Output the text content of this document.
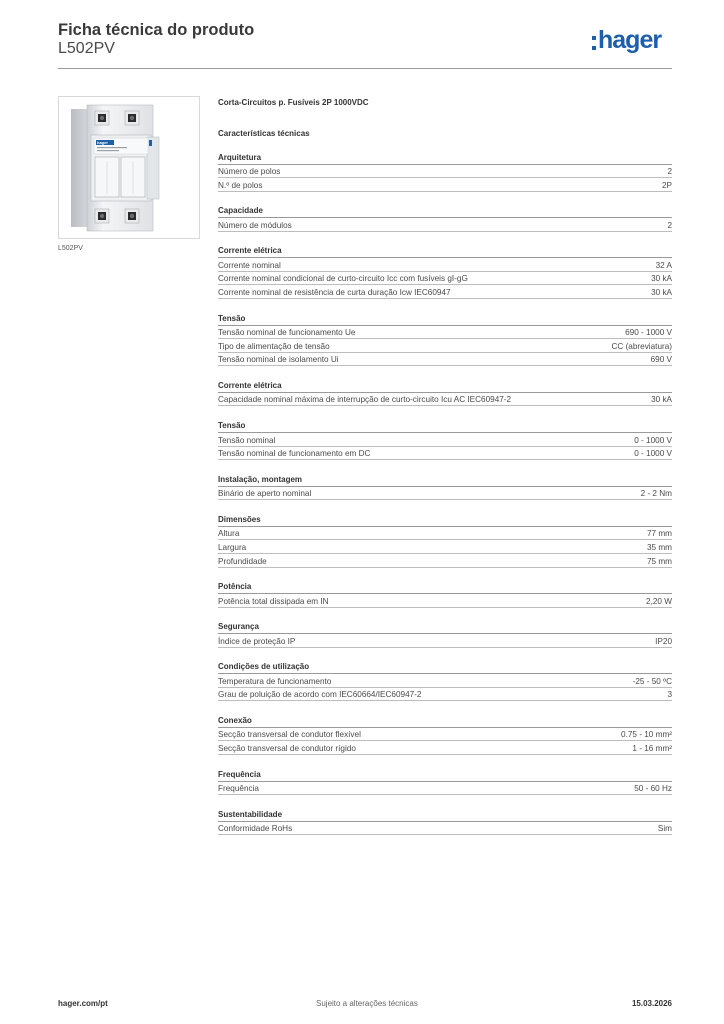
Ficha técnica do produto
L502PV	hager
hager
L502PV

Corta-Circuitos p. Fusíveis 2P 1000VDC

Características técnicas

Arquitetura
Número de polos	2
N.º de polos	2P
Capacidade
Número de módulos	2
Corrente elétrica
Corrente nominal	32 A
Corrente nominal condicional de curto-circuito Icc com fusíveis gI-gG	30 kA
Corrente nominal de resistência de curta duração Icw IEC60947	30 kA
Tensão
Tensão nominal de funcionamento Ue	690 - 1000 V
Tipo de alimentação de tensão	CC (abreviatura)
Tensão nominal de isolamento Ui	690 V
Corrente elétrica
Capacidade nominal máxima de interrupção de curto-circuito Icu AC IEC60947-2	30 kA
Tensão
Tensão nominal	0 - 1000 V
Tensão nominal de funcionamento em DC	0 - 1000 V
Instalação, montagem
Binário de aperto nominal	2 - 2 Nm
Dimensões
Altura	77 mm
Largura	35 mm
Profundidade	75 mm
Potência
Potência total dissipada em IN	2,20 W
Segurança
Índice de proteção IP	IP20
Condições de utilização
Temperatura de funcionamento	-25 - 50 ºC
Grau de poluição de acordo com IEC60664/IEC60947-2	3
Conexão
Secção transversal de condutor flexível	0.75 - 10 mm²
Secção transversal de condutor rígido	1 - 16 mm²
Frequência
Frequência	50 - 60 Hz
Sustentabilidade
Conformidade RoHs	Sim
hager.com/pt	Sujeito a alterações técnicas	15.03.2026
